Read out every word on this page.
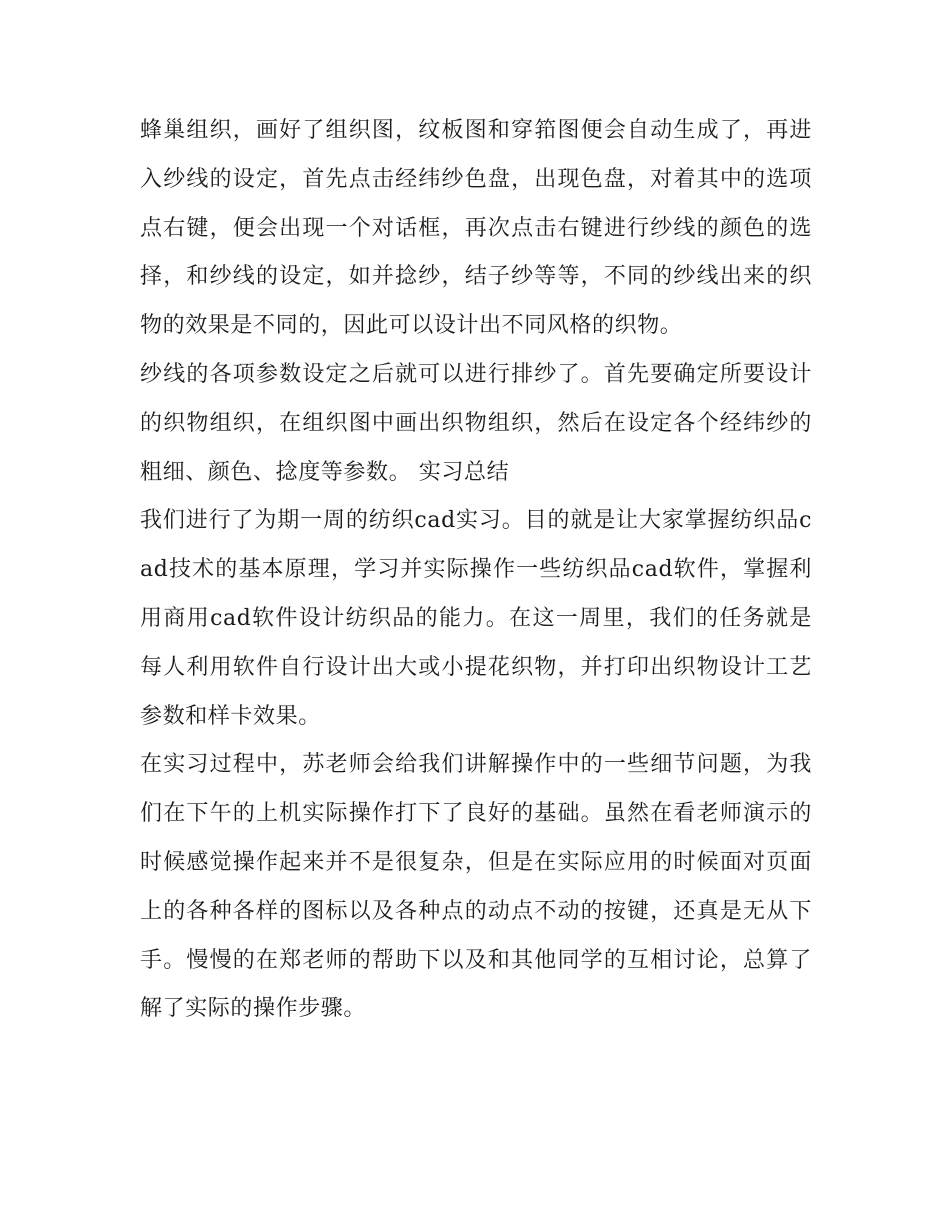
蜂巢组织，画好了组织图，纹板图和穿筘图便会自动生成了，再进入纱线的设定，首先点击经纬纱色盘，出现色盘，对着其中的选项点右键，便会出现一个对话框，再次点击右键进行纱线的颜色的选择，和纱线的设定，如并捻纱，结子纱等等，不同的纱线出来的织物的效果是不同的，因此可以设计出不同风格的织物。

纱线的各项参数设定之后就可以进行排纱了。首先要确定所要设计的织物组织，在组织图中画出织物组织，然后在设定各个经纬纱的粗细、颜色、捻度等参数。 实习总结

我们进行了为期一周的纺织cad实习。目的就是让大家掌握纺织品cad技术的基本原理，学习并实际操作一些纺织品cad软件，掌握利用商用cad软件设计纺织品的能力。在这一周里，我们的任务就是每人利用软件自行设计出大或小提花织物，并打印出织物设计工艺参数和样卡效果。

在实习过程中，苏老师会给我们讲解操作中的一些细节问题，为我们在下午的上机实际操作打下了良好的基础。虽然在看老师演示的时候感觉操作起来并不是很复杂，但是在实际应用的时候面对页面上的各种各样的图标以及各种点的动点不动的按键，还真是无从下手。慢慢的在郑老师的帮助下以及和其他同学的互相讨论，总算了解了实际的操作步骤。
